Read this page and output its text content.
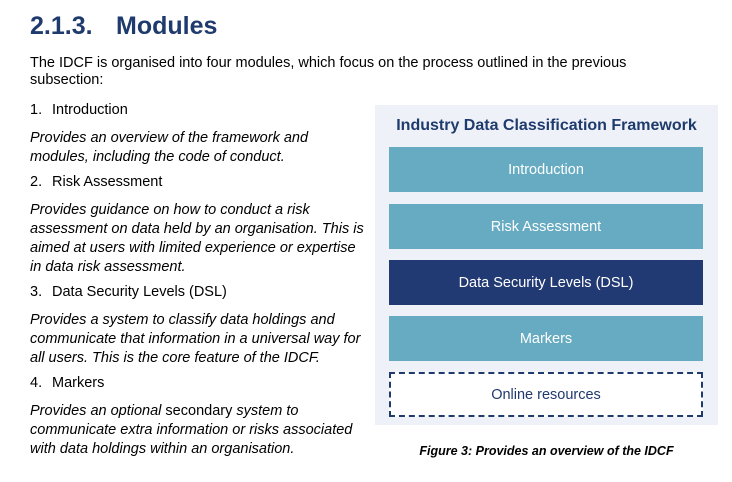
2.1.3. Modules

The IDCF is organised into four modules, which focus on the process outlined in the previous subsection:

1. Introduction

Provides an overview of the framework and modules, including the code of conduct.

2. Risk Assessment

Provides guidance on how to conduct a risk assessment on data held by an organisation. This is aimed at users with limited experience or expertise in data risk assessment.

3. Data Security Levels (DSL)

Provides a system to classify data holdings and communicate that information in a universal way for all users. This is the core feature of the IDCF.

4. Markers

Provides an optional secondary system to communicate extra information or risks associated with data holdings within an organisation.

Industry Data Classification Framework

Introduction
Risk Assessment
Data Security Levels (DSL)
Markers
Online resources

Figure 3: Provides an overview of the IDCF
